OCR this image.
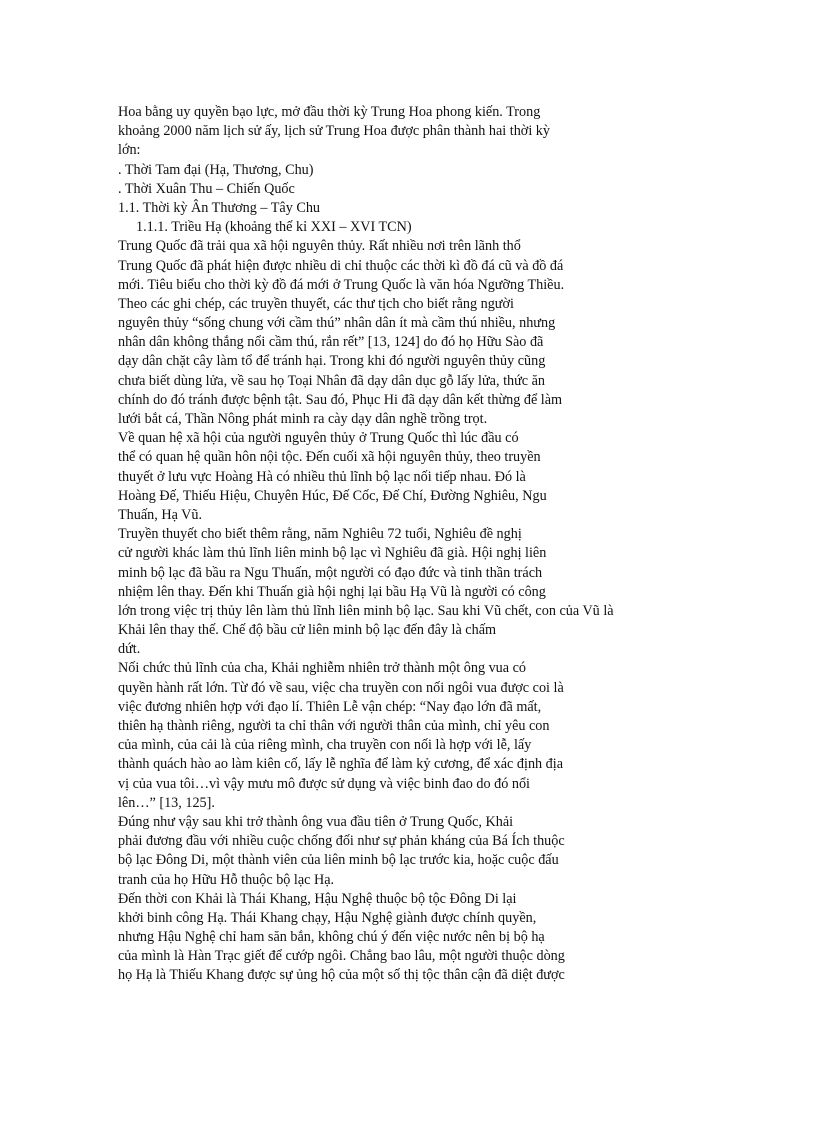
Hoa bằng uy quyền bạo lực, mở đầu thời kỳ Trung Hoa phong kiến. Trong
khoảng 2000 năm lịch sử ấy, lịch sử Trung Hoa được phân thành hai thời kỳ
lớn:
. Thời Tam đại (Hạ, Thương, Chu)
. Thời Xuân Thu – Chiến Quốc
1.1. Thời kỳ Ân Thương – Tây Chu
1.1.1. Triều Hạ (khoảng thế kỉ XXI – XVI TCN)
Trung Quốc đã trải qua xã hội nguyên thủy. Rất nhiều nơi trên lãnh thổ
Trung Quốc đã phát hiện được nhiều di chỉ thuộc các thời kì đồ đá cũ và đồ đá
mới. Tiêu biểu cho thời kỳ đồ đá mới ở Trung Quốc là văn hóa Ngưỡng Thiều.
Theo các ghi chép, các truyền thuyết, các thư tịch cho biết rằng người
nguyên thủy “sống chung với cầm thú” nhân dân ít mà cầm thú nhiều, nhưng
nhân dân không thắng nổi cầm thú, rắn rết” [13, 124] do đó họ Hữu Sào đã
dạy dân chặt cây làm tổ để tránh hại. Trong khi đó người nguyên thủy cũng
chưa biết dùng lửa, về sau họ Toại Nhân đã dạy dân dục gỗ lấy lửa, thức ăn
chính do đó tránh được bệnh tật. Sau đó, Phục Hi đã dạy dân kết thừng để làm
lưới bắt cá, Thần Nông phát minh ra cày dạy dân nghề trồng trọt.
Về quan hệ xã hội của người nguyên thủy ở Trung Quốc thì lúc đầu có
thể có quan hệ quần hôn nội tộc. Đến cuối xã hội nguyên thủy, theo truyền
thuyết ở lưu vực Hoàng Hà có nhiều thủ lĩnh bộ lạc nối tiếp nhau. Đó là
Hoàng Đế, Thiếu Hiệu, Chuyên Húc, Đế Cốc, Đế Chí, Đường Nghiêu, Ngu
Thuấn, Hạ Vũ.
Truyền thuyết cho biết thêm rằng, năm Nghiêu 72 tuổi, Nghiêu đề nghị
cử người khác làm thủ lĩnh liên minh bộ lạc vì Nghiêu đã già. Hội nghị liên
minh bộ lạc đã bầu ra Ngu Thuấn, một người có đạo đức và tinh thần trách
nhiệm lên thay. Đến khi Thuấn già hội nghị lại bầu Hạ Vũ là người có công
lớn trong việc trị thủy lên làm thủ lĩnh liên minh bộ lạc. Sau khi Vũ chết, con của Vũ là
Khải lên thay thế. Chế độ bầu cử liên minh bộ lạc đến đây là chấm
dứt.
Nối chức thủ lĩnh của cha, Khải nghiễm nhiên trở thành một ông vua có
quyền hành rất lớn. Từ đó về sau, việc cha truyền con nối ngôi vua được coi là
việc đương nhiên hợp với đạo lí. Thiên Lễ vận chép: “Nay đạo lớn đã mất,
thiên hạ thành riêng, người ta chỉ thân với người thân của mình, chỉ yêu con
của mình, của cải là của riêng mình, cha truyền con nối là hợp với lễ, lấy
thành quách hào ao làm kiên cố, lấy lễ nghĩa để làm kỷ cương, để xác định địa
vị của vua tôi…vì vậy mưu mô được sử dụng và việc binh đao do đó nổi
lên…” [13, 125].
Đúng như vậy sau khi trở thành ông vua đầu tiên ở Trung Quốc, Khải
phải đương đầu với nhiều cuộc chống đối như sự phản kháng của Bá Ích thuộc
bộ lạc Đông Di, một thành viên của liên minh bộ lạc trước kia, hoặc cuộc đấu
tranh của họ Hữu Hỗ thuộc bộ lạc Hạ.
Đến thời con Khải là Thái Khang, Hậu Nghệ thuộc bộ tộc Đông Di lại
khởi binh công Hạ. Thái Khang chạy, Hậu Nghệ giành được chính quyền,
nhưng Hậu Nghệ chỉ ham săn bắn, không chú ý đến việc nước nên bị bộ hạ
của mình là Hàn Trạc giết để cướp ngôi. Chẳng bao lâu, một người thuộc dòng
họ Hạ là Thiếu Khang được sự ủng hộ của một số thị tộc thân cận đã diệt được
